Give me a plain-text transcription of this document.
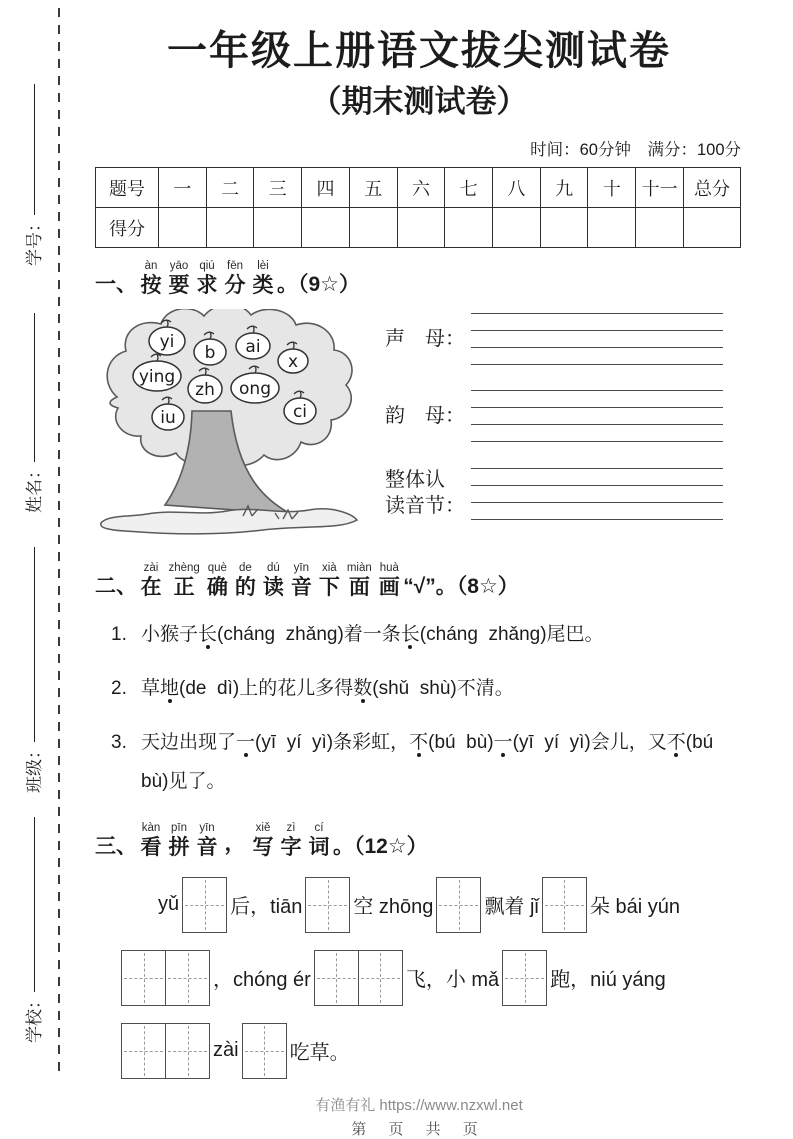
学号：
姓名：
班级：
学校：
一年级上册语文拔尖测试卷
（期末测试卷）
时间：60分钟　满分：100分
题号	一	二	三	四	五	六	七	八	九	十	十一	总分
得分												
一、
àn
按
yāo
要
qiú
求
fēn
分
lèi
类 。（9☆）
yi
b ai
x
ying
zh ong
ci
iu
声　母：
韵　母：
整体认
读音节：
二、
zài
在
zhèng
正
què
确
de
的
dú
读
yīn
音
xià
下
miàn
面
huà
画 “√”。（8☆）
1. 小猴子长(cháng  zhǎng)着一条长(cháng  zhǎng)尾巴。
2. 草地(de  dì)上的花儿多得数(shǔ  shù)不清。
3. 天边出现了一(yī  yí  yì)条彩虹，不(bú  bù)一(yī  yí  yì)会儿，又不(bú  bù)见了。
三、
kàn
看
pīn
拼
yīn
音 ，
xiě
写
zì
字
cí
词 。（12☆）
yǔ	后，tiān	空 zhōng	飘着 jǐ	朵 bái yún
，chóng ér	飞，小 mǎ	跑，niú yáng
zài	吃草。
有渔有礼 https://www.nzxwl.net
第 页 共 页
